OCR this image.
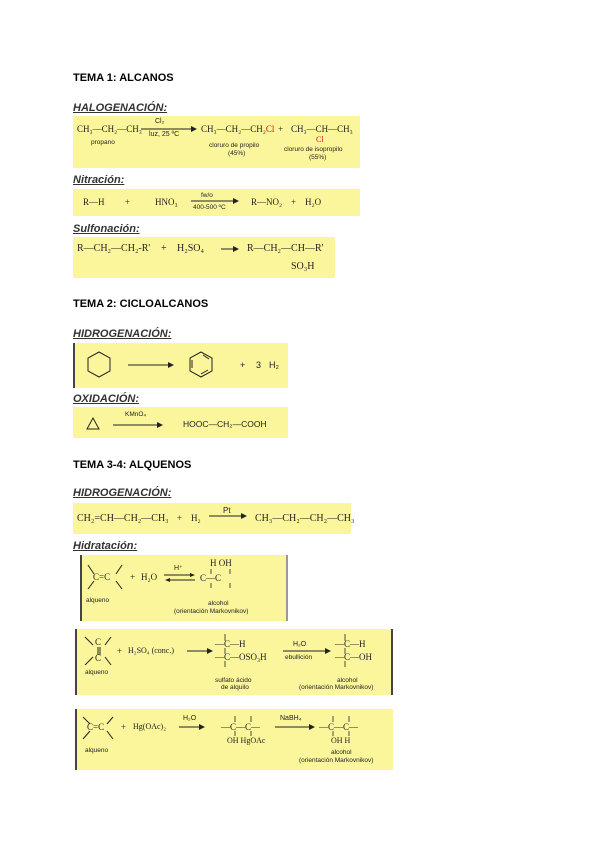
TEMA 1: ALCANOS
HALOGENACIÓN:
CH₃—CH₂—CH₃
propano
Cl₂
luz, 25 ºC
CH₃—CH₂—CH₂Cl
cloruro de propilo
(45%)
+ CH₃—CH—CH₃
Cl
cloruro de isopropilo
(55%)
Nitración:
R—H +	HNO₃
fw/o
400-500 ºC
R—NO₂ + H₂O
Sulfonación:
R—CH₂—CH₂-R' + H₂SO₄	R—CH₂—CH—R'
SO₃H
TEMA 2: CICLOALCANOS
HIDROGENACIÓN:
+ 3 H₂
OXIDACIÓN:
KMnO₄
HOOC—CH₂—COOH
TEMA 3-4: ALQUENOS
HIDROGENACIÓN:
CH₂=CH—CH₂—CH₃ + H₂
Pt
CH₃—CH₂—CH₂—CH₃
Hidratación:
C=C + H₂O
H⁺
H OH
C—C
alqueno	alcohol
(orientación Markovnikov)
C
C
+ H₂SO₄ (conc.)
—C—H
—C—OSO₃H
H₂O
ebullición
—C—H
—C—OH
alqueno
sulfato ácido
de alquilo
alcohol
(orientación Markovnikov)
C=C + Hg(OAc)₂
H₂O
—C—C—
OH HgOAc
NaBH₄
—C—C—
OH H
alqueno	alcohol
(orientación Markovnikov)
